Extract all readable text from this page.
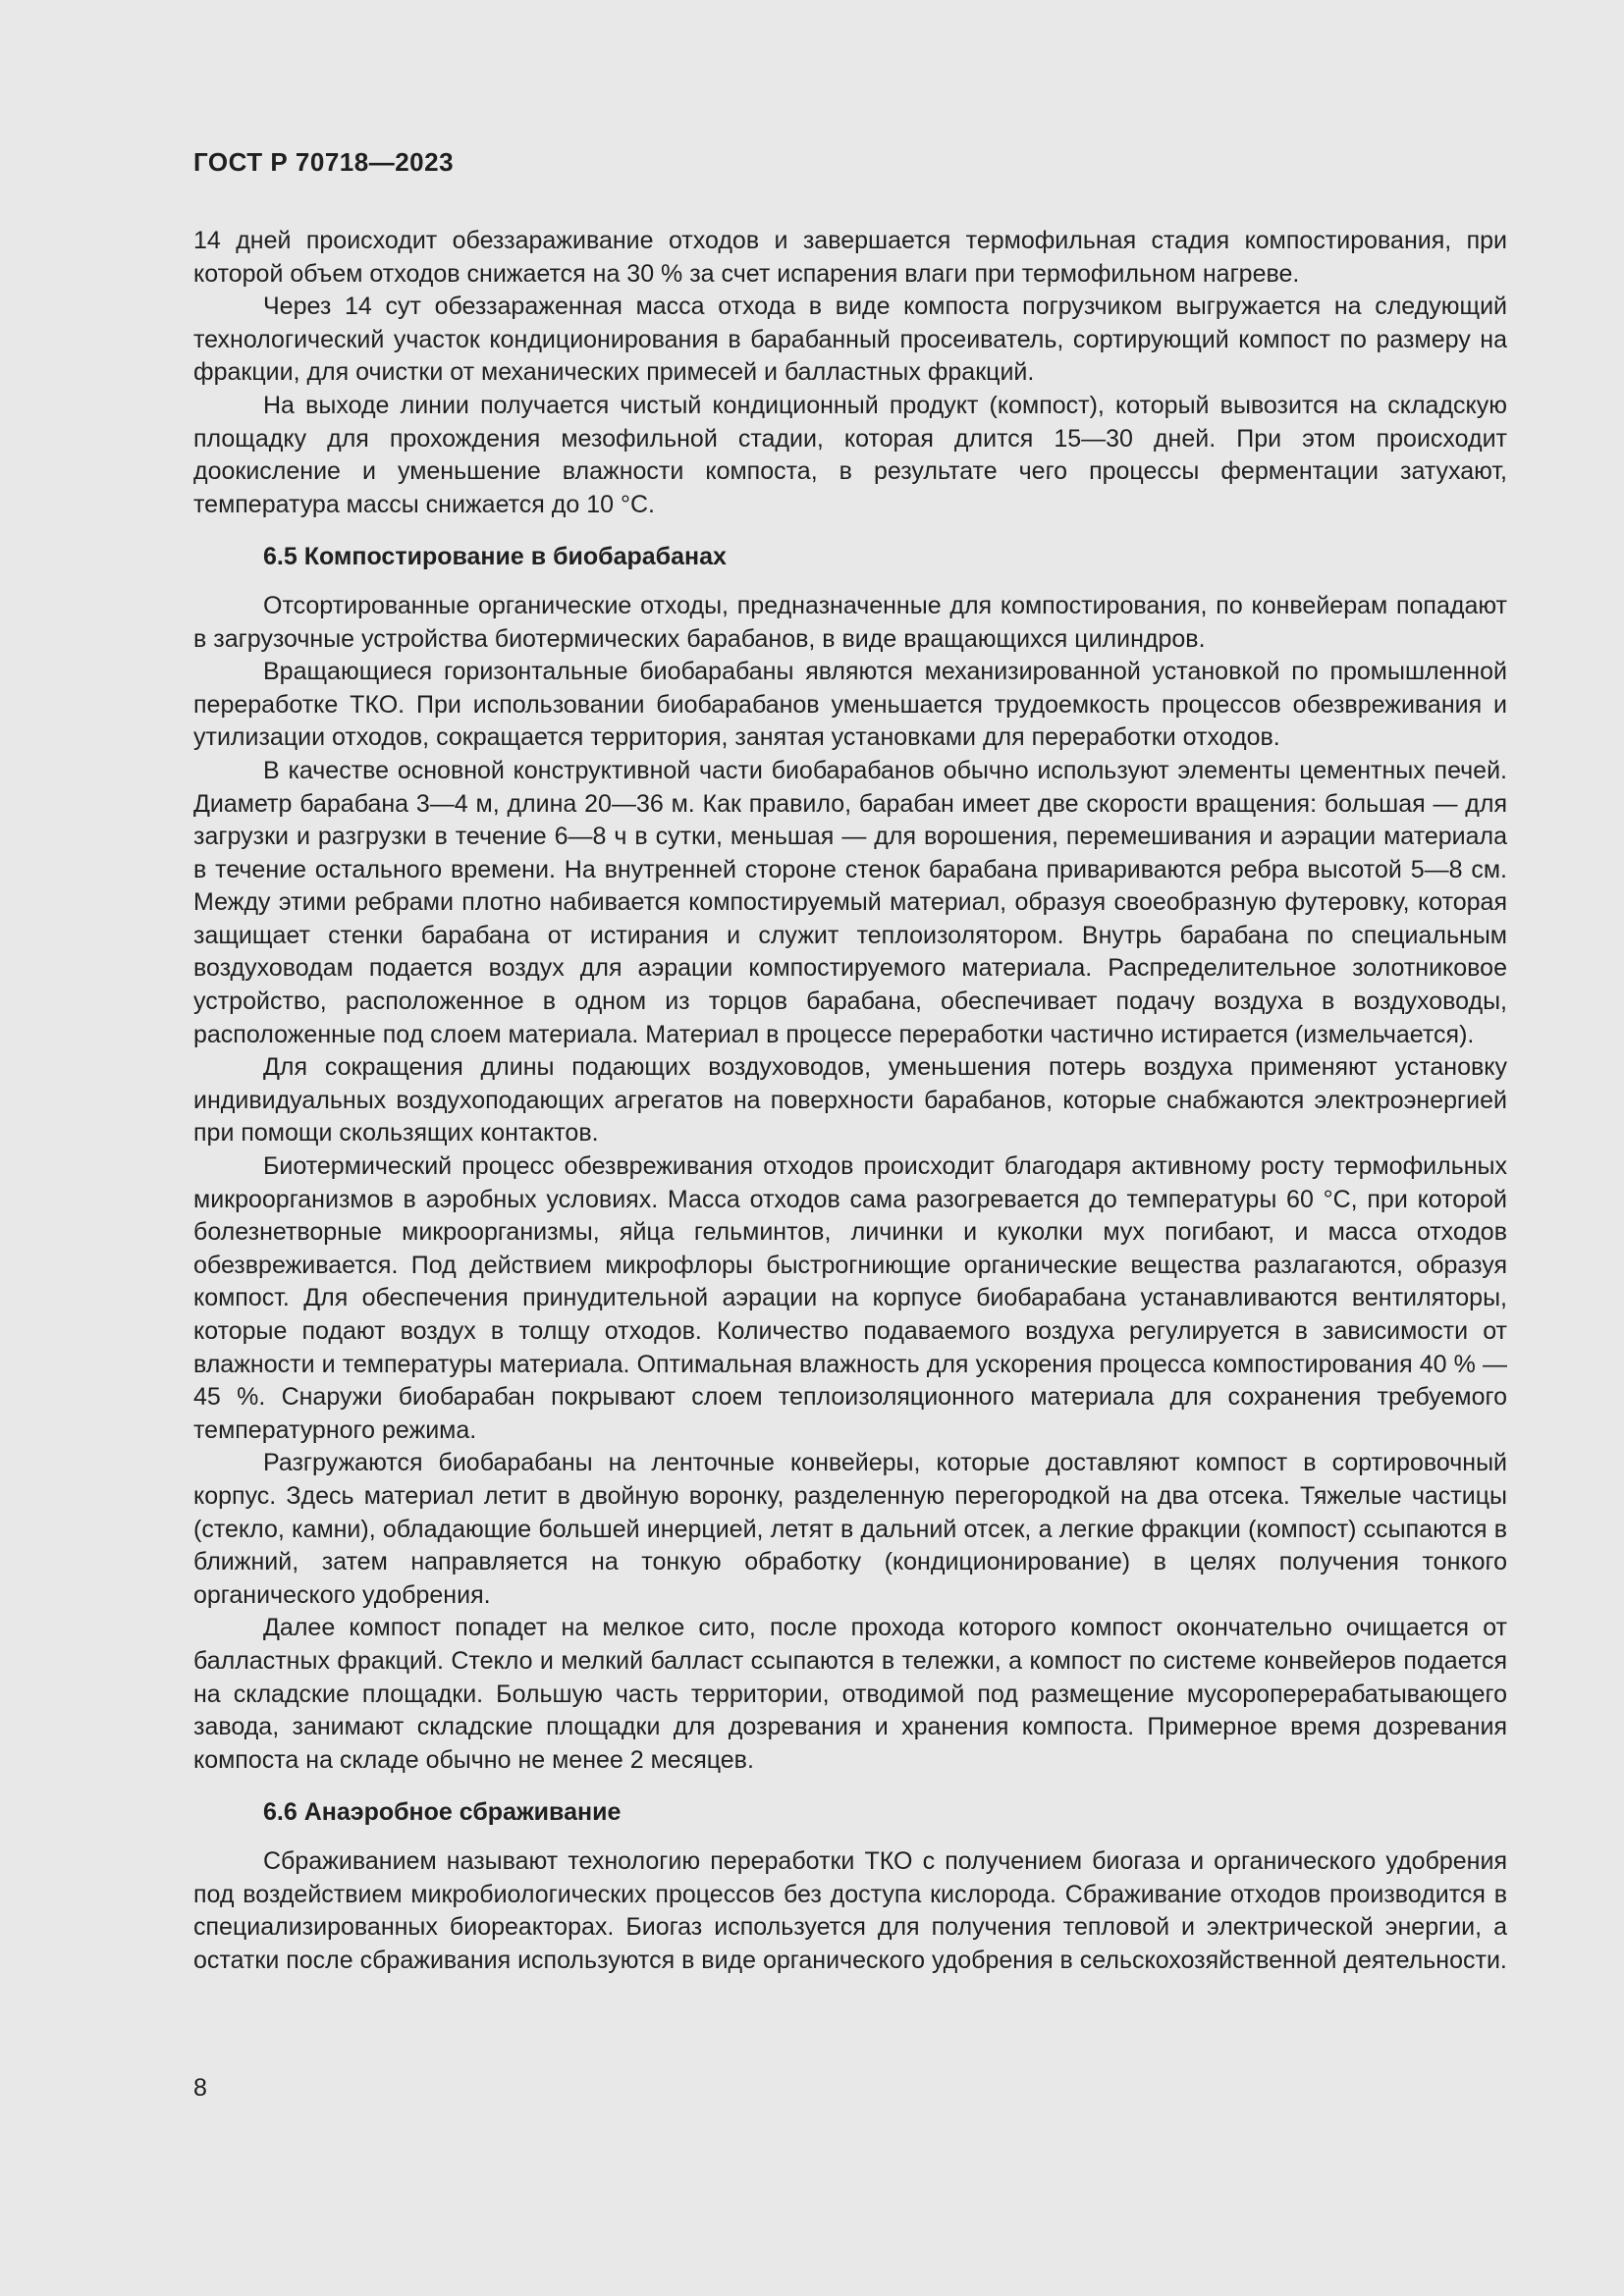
ГОСТ Р 70718—2023

14 дней происходит обеззараживание отходов и завершается термофильная стадия компостирования, при которой объем отходов снижается на 30 % за счет испарения влаги при термофильном нагреве.

Через 14 сут обеззараженная масса отхода в виде компоста погрузчиком выгружается на следующий технологический участок кондиционирования в барабанный просеиватель, сортирующий компост по размеру на фракции, для очистки от механических примесей и балластных фракций.

На выходе линии получается чистый кондиционный продукт (компост), который вывозится на складскую площадку для прохождения мезофильной стадии, которая длится 15—30 дней. При этом происходит доокисление и уменьшение влажности компоста, в результате чего процессы ферментации затухают, температура массы снижается до 10 °С.

6.5 Компостирование в биобарабанах

Отсортированные органические отходы, предназначенные для компостирования, по конвейерам попадают в загрузочные устройства биотермических барабанов, в виде вращающихся цилиндров.

Вращающиеся горизонтальные биобарабаны являются механизированной установкой по промышленной переработке ТКО. При использовании биобарабанов уменьшается трудоемкость процессов обезвреживания и утилизации отходов, сокращается территория, занятая установками для переработки отходов.

В качестве основной конструктивной части биобарабанов обычно используют элементы цементных печей. Диаметр барабана 3—4 м, длина 20—36 м. Как правило, барабан имеет две скорости вращения: большая — для загрузки и разгрузки в течение 6—8 ч в сутки, меньшая — для ворошения, перемешивания и аэрации материала в течение остального времени. На внутренней стороне стенок барабана привариваются ребра высотой 5—8 см. Между этими ребрами плотно набивается компостируемый материал, образуя своеобразную футеровку, которая защищает стенки барабана от истирания и служит теплоизолятором. Внутрь барабана по специальным воздуховодам подается воздух для аэрации компостируемого материала. Распределительное золотниковое устройство, расположенное в одном из торцов барабана, обеспечивает подачу воздуха в воздуховоды, расположенные под слоем материала. Материал в процессе переработки частично истирается (измельчается).

Для сокращения длины подающих воздуховодов, уменьшения потерь воздуха применяют установку индивидуальных воздухоподающих агрегатов на поверхности барабанов, которые снабжаются электроэнергией при помощи скользящих контактов.

Биотермический процесс обезвреживания отходов происходит благодаря активному росту термофильных микроорганизмов в аэробных условиях. Масса отходов сама разогревается до температуры 60 °С, при которой болезнетворные микроорганизмы, яйца гельминтов, личинки и куколки мух погибают, и масса отходов обезвреживается. Под действием микрофлоры быстрогниющие органические вещества разлагаются, образуя компост. Для обеспечения принудительной аэрации на корпусе биобарабана устанавливаются вентиляторы, которые подают воздух в толщу отходов. Количество подаваемого воздуха регулируется в зависимости от влажности и температуры материала. Оптимальная влажность для ускорения процесса компостирования 40 % — 45 %. Снаружи биобарабан покрывают слоем теплоизоляционного материала для сохранения требуемого температурного режима.

Разгружаются биобарабаны на ленточные конвейеры, которые доставляют компост в сортировочный корпус. Здесь материал летит в двойную воронку, разделенную перегородкой на два отсека. Тяжелые частицы (стекло, камни), обладающие большей инерцией, летят в дальний отсек, а легкие фракции (компост) ссыпаются в ближний, затем направляется на тонкую обработку (кондиционирование) в целях получения тонкого органического удобрения.

Далее компост попадет на мелкое сито, после прохода которого компост окончательно очищается от балластных фракций. Стекло и мелкий балласт ссыпаются в тележки, а компост по системе конвейеров подается на складские площадки. Большую часть территории, отводимой под размещение мусороперерабатывающего завода, занимают складские площадки для дозревания и хранения компоста. Примерное время дозревания компоста на складе обычно не менее 2 месяцев.

6.6 Анаэробное сбраживание

Сбраживанием называют технологию переработки ТКО с получением биогаза и органического удобрения под воздействием микробиологических процессов без доступа кислорода. Сбраживание отходов производится в специализированных биореакторах. Биогаз используется для получения тепловой и электрической энергии, а остатки после сбраживания используются в виде органического удобрения в сельскохозяйственной деятельности.

8
